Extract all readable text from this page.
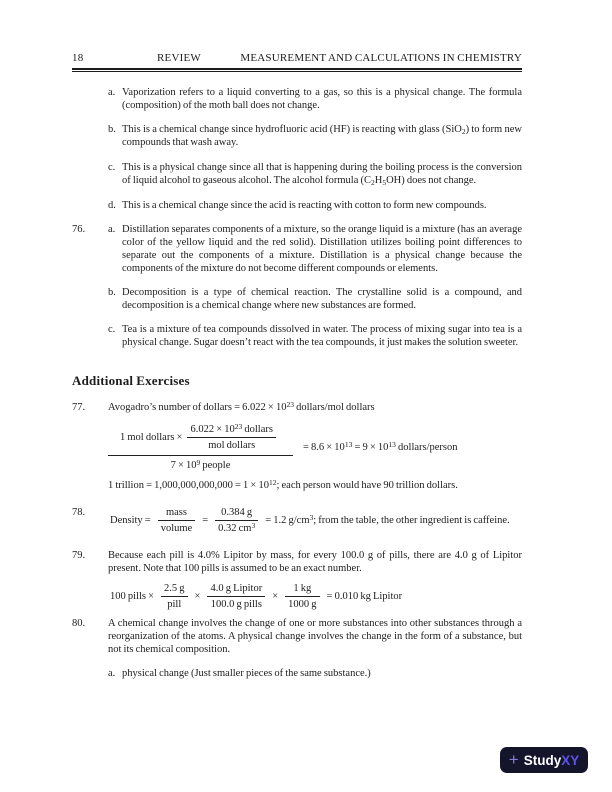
18	REVIEW	MEASUREMENT AND CALCULATIONS IN CHEMISTRY
a. Vaporization refers to a liquid converting to a gas, so this is a physical change. The formula (composition) of the moth ball does not change.
b. This is a chemical change since hydrofluoric acid (HF) is reacting with glass (SiO$_2$) to form new compounds that wash away.
c. This is a physical change since all that is happening during the boiling process is the conversion of liquid alcohol to gaseous alcohol. The alcohol formula $(C_2H_5OH)$ does not change.
d. This is a chemical change since the acid is reacting with cotton to form new compounds.
76.	a. Distillation separates components of a mixture, so the orange liquid is a mixture (has an average color of the yellow liquid and the red solid). Distillation utilizes boiling point differences to separate out the components of a mixture. Distillation is a physical change because the components of the mixture do not become different compounds or elements.
b. Decomposition is a type of chemical reaction. The crystalline solid is a compound, and decomposition is a chemical change where new substances are formed.
c. Tea is a mixture of tea compounds dissolved in water. The process of mixing sugar into tea is a physical change. Sugar doesn’t react with the tea compounds, it just makes the solution sweeter.
Additional Exercises
77.	Avogadro’s number of dollars = $6.022 \times 10^{23}$ dollars/mol dollars
1 mol dollars × $\frac{6.022 \times 10^{23} dollars}{\text{mol dollars}}$
$7 \times 10^9$ people
= $8.6 \times 10^{13} = 9 \times 10^{13}$ dollars/person
1 trillion = $1,000,000,000,000 = 1 \times 10^{12}$; each person would have 90 trillion dollars.
78.
Density = $\frac{\text{mass}}{\text{volume}} = \frac{0.384 g}{0.32 cm^3} = 1.2$ $g/cm^3$; from the table, the other ingredient is caffeine.
79.	Because each pill is 4.0% Lipitor by mass, for every 100.0 g of pills, there are 4.0 g of Lipitor present. Note that 100 pills is assumed to be an exact number.
100 pills × $\frac{2.5 g}{\text{pill}} \times \frac{\text{4.0 g Lipitor}}{\text{100.0 g pills}} \times \frac{1 kg}{1000 g} = 0.010$ kg Lipitor
80.	A chemical change involves the change of one or more substances into other substances through a reorganization of the atoms. A physical change involves the change in the form of a substance, but not its chemical composition.
a. physical change (Just smaller pieces of the same substance.)
+ StudyXY
